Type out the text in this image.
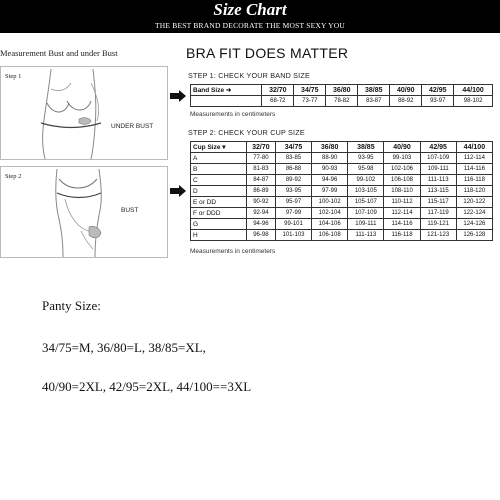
Size Chart
THE BEST BRAND DECORATE THE MOST SEXY YOU
Measurement Bust and under Bust
Step 1
UNDER BUST
Step 2
BUST
BRA FIT DOES MATTER
STEP 1: CHECK YOUR BAND SIZE
Band Size ➜	32/70	34/75	36/80	38/85	40/90	42/95	44/100
	68-72	73-77	78-82	83-87	88-92	93-97	98-102
Measurements in centimeters
STEP 2: CHECK YOUR CUP SIZE
Cup Size ▾	32/70	34/75	36/80	38/85	40/90	42/95	44/100
A	77-80	83-85	88-90	93-95	99-103	107-109	112-114
B	81-83	86-88	90-93	95-98	102-106	109-111	114-116
C	84-87	89-92	94-96	99-102	106-108	111-113	116-118
D	86-89	93-95	97-99	103-105	108-110	113-115	118-120
E or DD	90-92	95-97	100-102	105-107	110-112	115-117	120-122
F or DDD	92-94	97-99	102-104	107-109	112-114	117-119	122-124
G	94-96	99-101	104-106	109-111	114-116	119-121	124-126
H	96-98	101-103	106-108	111-113	116-118	121-123	126-128
Measurements in centimeters
Panty Size:
34/75=M, 36/80=L, 38/85=XL,
40/90=2XL, 42/95=2XL, 44/100==3XL
